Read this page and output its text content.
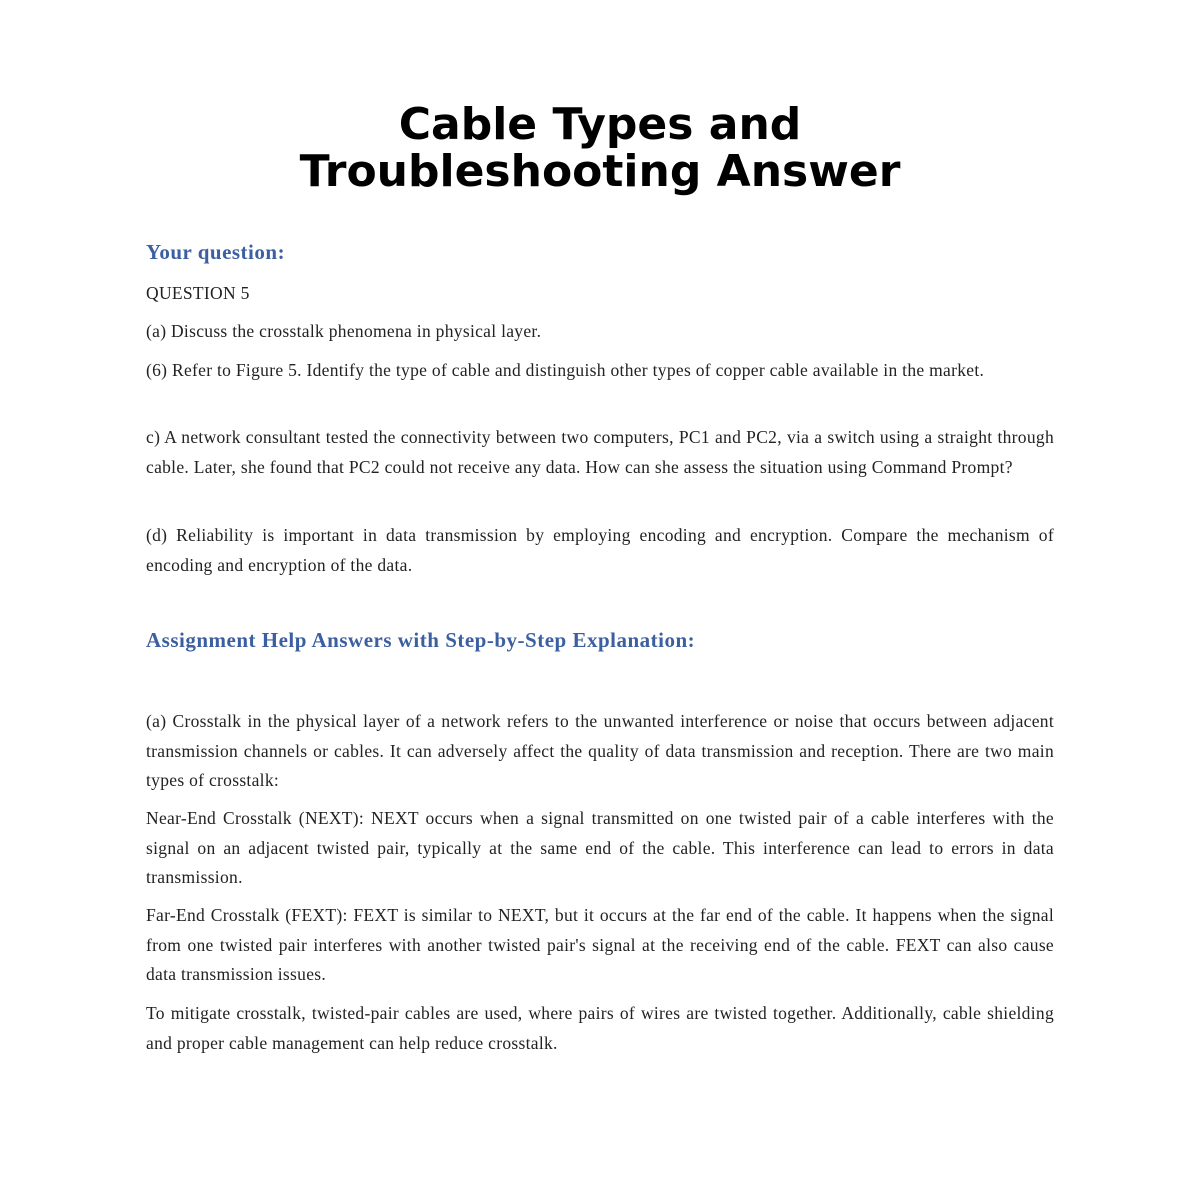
Cable Types and
Troubleshooting Answer
Your question:

QUESTION 5

(a) Discuss the crosstalk phenomena in physical layer.

(6) Refer to Figure 5. Identify the type of cable and distinguish other types of copper cable available in the market.

c) A network consultant tested the connectivity between two computers, PC1 and PC2, via a switch using a straight through cable. Later, she found that PC2 could not receive any data. How can she assess the situation using Command Prompt?

(d) Reliability is important in data transmission by employing encoding and encryption. Compare the mechanism of encoding and encryption of the data.

Assignment Help Answers with Step-by-Step Explanation:

(a) Crosstalk in the physical layer of a network refers to the unwanted interference or noise that occurs between adjacent transmission channels or cables. It can adversely affect the quality of data transmission and reception. There are two main types of crosstalk:

Near-End Crosstalk (NEXT): NEXT occurs when a signal transmitted on one twisted pair of a cable interferes with the signal on an adjacent twisted pair, typically at the same end of the cable. This interference can lead to errors in data transmission.

Far-End Crosstalk (FEXT): FEXT is similar to NEXT, but it occurs at the far end of the cable. It happens when the signal from one twisted pair interferes with another twisted pair's signal at the receiving end of the cable. FEXT can also cause data transmission issues.

To mitigate crosstalk, twisted-pair cables are used, where pairs of wires are twisted together. Additionally, cable shielding and proper cable management can help reduce crosstalk.
